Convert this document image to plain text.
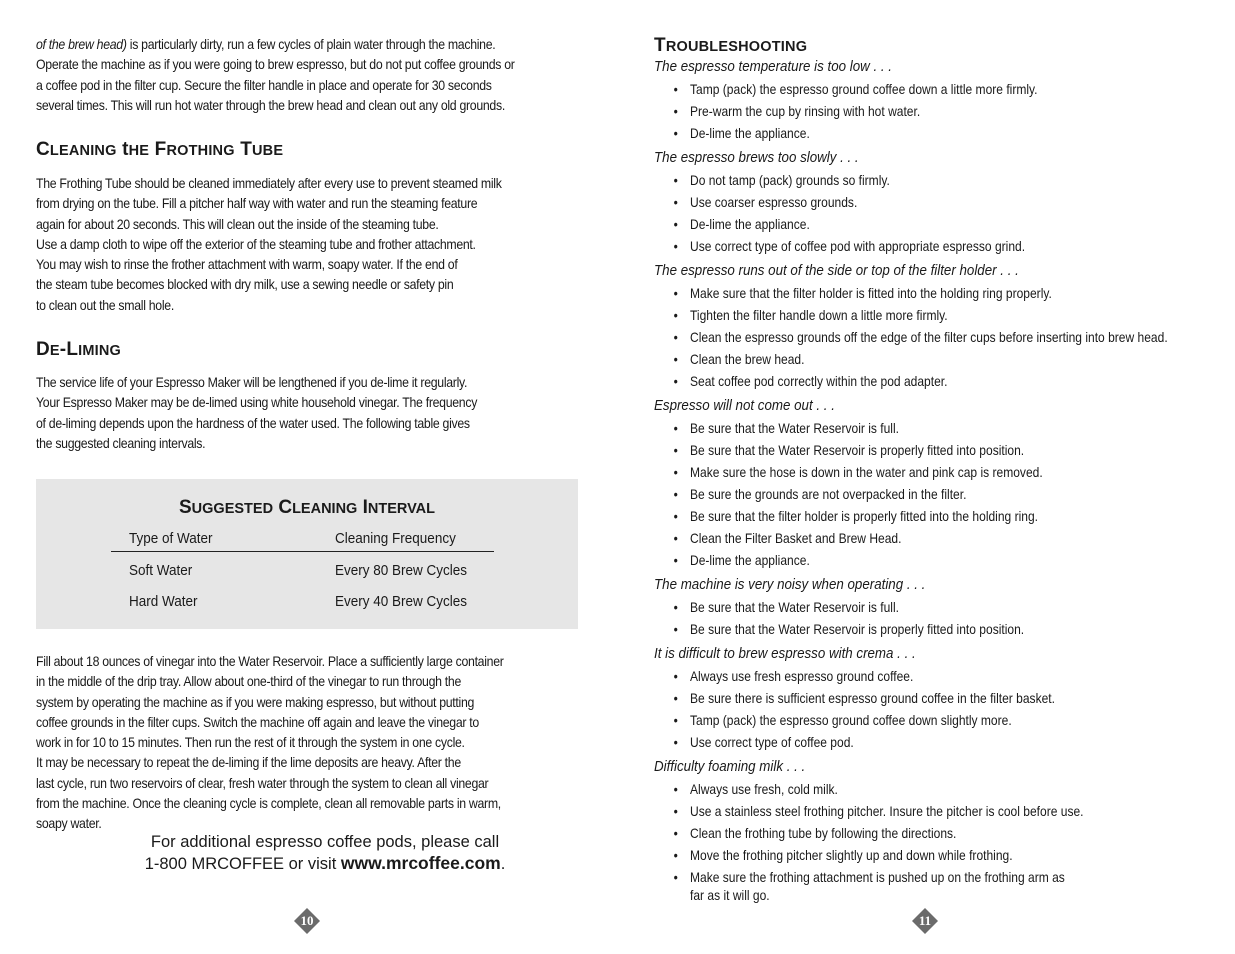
of the brew head) is particularly dirty, run a few cycles of plain water through the machine.
Operate the machine as if you were going to brew espresso, but do not put coffee grounds or
a coffee pod in the filter cup. Secure the filter handle in place and operate for 30 seconds
several times. This will run hot water through the brew head and clean out any old grounds.
CLEANING tHE FROTHING TUBE
The Frothing Tube should be cleaned immediately after every use to prevent steamed milk
from drying on the tube. Fill a pitcher half way with water and run the steaming feature
again for about 20 seconds. This will clean out the inside of the steaming tube.
Use a damp cloth to wipe off the exterior of the steaming tube and frother attachment.
You may wish to rinse the frother attachment with warm, soapy water. If the end of
the steam tube becomes blocked with dry milk, use a sewing needle or safety pin
to clean out the small hole.
DE-LIMING
The service life of your Espresso Maker will be lengthened if you de-lime it regularly.
Your Espresso Maker may be de-limed using white household vinegar. The frequency
of de-liming depends upon the hardness of the water used. The following table gives
the suggested cleaning intervals.
SUGGESTED CLEANING INTERVAL
Type of Water	Cleaning Frequency
Soft Water	Every 80 Brew Cycles
Hard Water	Every 40 Brew Cycles
Fill about 18 ounces of vinegar into the Water Reservoir. Place a sufficiently large container
in the middle of the drip tray. Allow about one-third of the vinegar to run through the
system by operating the machine as if you were making espresso, but without putting
coffee grounds in the filter cups. Switch the machine off again and leave the vinegar to
work in for 10 to 15 minutes. Then run the rest of it through the system in one cycle.
It may be necessary to repeat the de-liming if the lime deposits are heavy. After the
last cycle, run two reservoirs of clear, fresh water through the system to clean all vinegar
from the machine. Once the cleaning cycle is complete, clean all removable parts in warm,
soapy water.
For additional espresso coffee pods, please call
1-800 MRCOFFEE or visit www.mrcoffee.com.
10
TROUBLESHOOTING
The espresso temperature is too low . . .
• Tamp (pack) the espresso ground coffee down a little more firmly.
• Pre-warm the cup by rinsing with hot water.
• De-lime the appliance.
The espresso brews too slowly . . .
• Do not tamp (pack) grounds so firmly.
• Use coarser espresso grounds.
• De-lime the appliance.
• Use correct type of coffee pod with appropriate espresso grind.
The espresso runs out of the side or top of the filter holder . . .
• Make sure that the filter holder is fitted into the holding ring properly.
• Tighten the filter handle down a little more firmly.
• Clean the espresso grounds off the edge of the filter cups before inserting into brew head.
• Clean the brew head.
• Seat coffee pod correctly within the pod adapter.
Espresso will not come out . . .
• Be sure that the Water Reservoir is full.
• Be sure that the Water Reservoir is properly fitted into position.
• Make sure the hose is down in the water and pink cap is removed.
• Be sure the grounds are not overpacked in the filter.
• Be sure that the filter holder is properly fitted into the holding ring.
• Clean the Filter Basket and Brew Head.
• De-lime the appliance.
The machine is very noisy when operating . . .
• Be sure that the Water Reservoir is full.
• Be sure that the Water Reservoir is properly fitted into position.
It is difficult to brew espresso with crema . . .
• Always use fresh espresso ground coffee.
• Be sure there is sufficient espresso ground coffee in the filter basket.
• Tamp (pack) the espresso ground coffee down slightly more.
• Use correct type of coffee pod.
Difficulty foaming milk . . .
• Always use fresh, cold milk.
• Use a stainless steel frothing pitcher. Insure the pitcher is cool before use.
• Clean the frothing tube by following the directions.
• Move the frothing pitcher slightly up and down while frothing.
• Make sure the frothing attachment is pushed up on the frothing arm as
far as it will go.
11
